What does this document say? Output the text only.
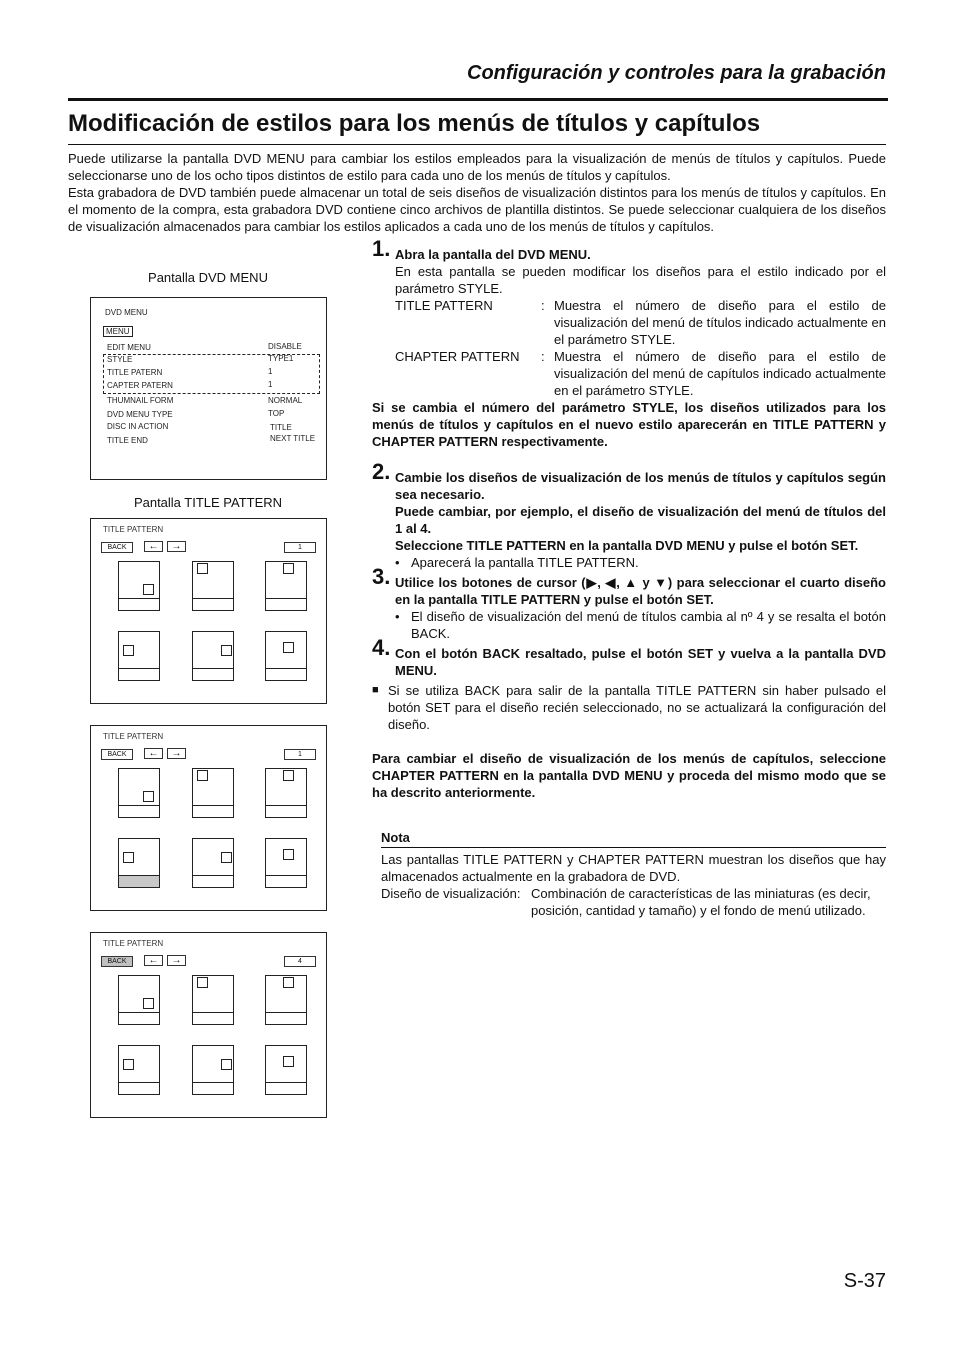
Configuración y controles para la grabación
Modificación de estilos para los menús de títulos y capítulos

Puede utilizarse la pantalla DVD MENU para cambiar los estilos empleados para la visualización de menús de títulos y capítulos. Puede seleccionarse uno de los ocho tipos distintos de estilo para cada uno de los menús de títulos y capítulos.

Esta grabadora de DVD también puede almacenar un total de seis diseños de visualización distintos para los menús de títulos y capítulos. En el momento de la compra, esta grabadora DVD contiene cinco archivos de plantilla distintos. Se puede seleccionar cualquiera de los diseños de visualización almacenados para cambiar los estilos aplicados a cada uno de los menús de títulos y capítulos.

Pantalla DVD MENU
DVD MENU
MENU
EDIT MENU	DISABLE
STYLE	TYPE1
TITLE PATERN	1
CAPTER PATERN	1
THUMNAIL FORM	NORMAL
DVD MENU TYPE	TOP
DISC IN ACTION	TITLE
TITLE END	NEXT TITLE
Pantalla TITLE PATTERN
TITLE PATTERN
BACK	←	→	1
TITLE PATTERN
BACK	←	→	1
TITLE PATTERN
BACK	←	→	4
1. Abra la pantalla del DVD MENU.

En esta pantalla se pueden modificar los diseños para el estilo indicado por el parámetro STYLE.

TITLE PATTERN	: Muestra el número de diseño para el estilo de visualización del menú de títulos indicado actualmente en el parámetro STYLE.
CHAPTER PATTERN	: Muestra el número de diseño para el estilo de visualización del menú de capítulos indicado actualmente en el parámetro STYLE.

Si se cambia el número del parámetro STYLE, los diseños utilizados para los menús de títulos y capítulos en el nuevo estilo aparecerán en TITLE PATTERN y CHAPTER PATTERN respectivamente.

2. Cambie los diseños de visualización de los menús de títulos y capítulos según sea necesario.

Puede cambiar, por ejemplo, el diseño de visualización del menú de títulos del 1 al 4.

Seleccione TITLE PATTERN en la pantalla DVD MENU y pulse el botón SET.

• Aparecerá la pantalla TITLE PATTERN.
3. Utilice los botones de cursor (▶, ◀, ▲ y ▼) para seleccionar el cuarto diseño en la pantalla TITLE PATTERN y pulse el botón SET.

• El diseño de visualización del menú de títulos cambia al nº 4 y se resalta el botón BACK.

4. Con el botón BACK resaltado, pulse el botón SET y vuelva a la pantalla DVD MENU.

■ Si se utiliza BACK para salir de la pantalla TITLE PATTERN sin haber pulsado el botón SET para el diseño recién seleccionado, no se actualizará la configuración del diseño.

Para cambiar el diseño de visualización de los menús de capítulos, seleccione CHAPTER PATTERN en la pantalla DVD MENU y proceda del mismo modo que se ha descrito anteriormente.

Nota

Las pantallas TITLE PATTERN y CHAPTER PATTERN muestran los diseños que hay almacenados actualmente en la grabadora de DVD.

Diseño de visualización: Combinación de características de las miniaturas (es decir, posición, cantidad y tamaño) y el fondo de menú utilizado.
S-37
